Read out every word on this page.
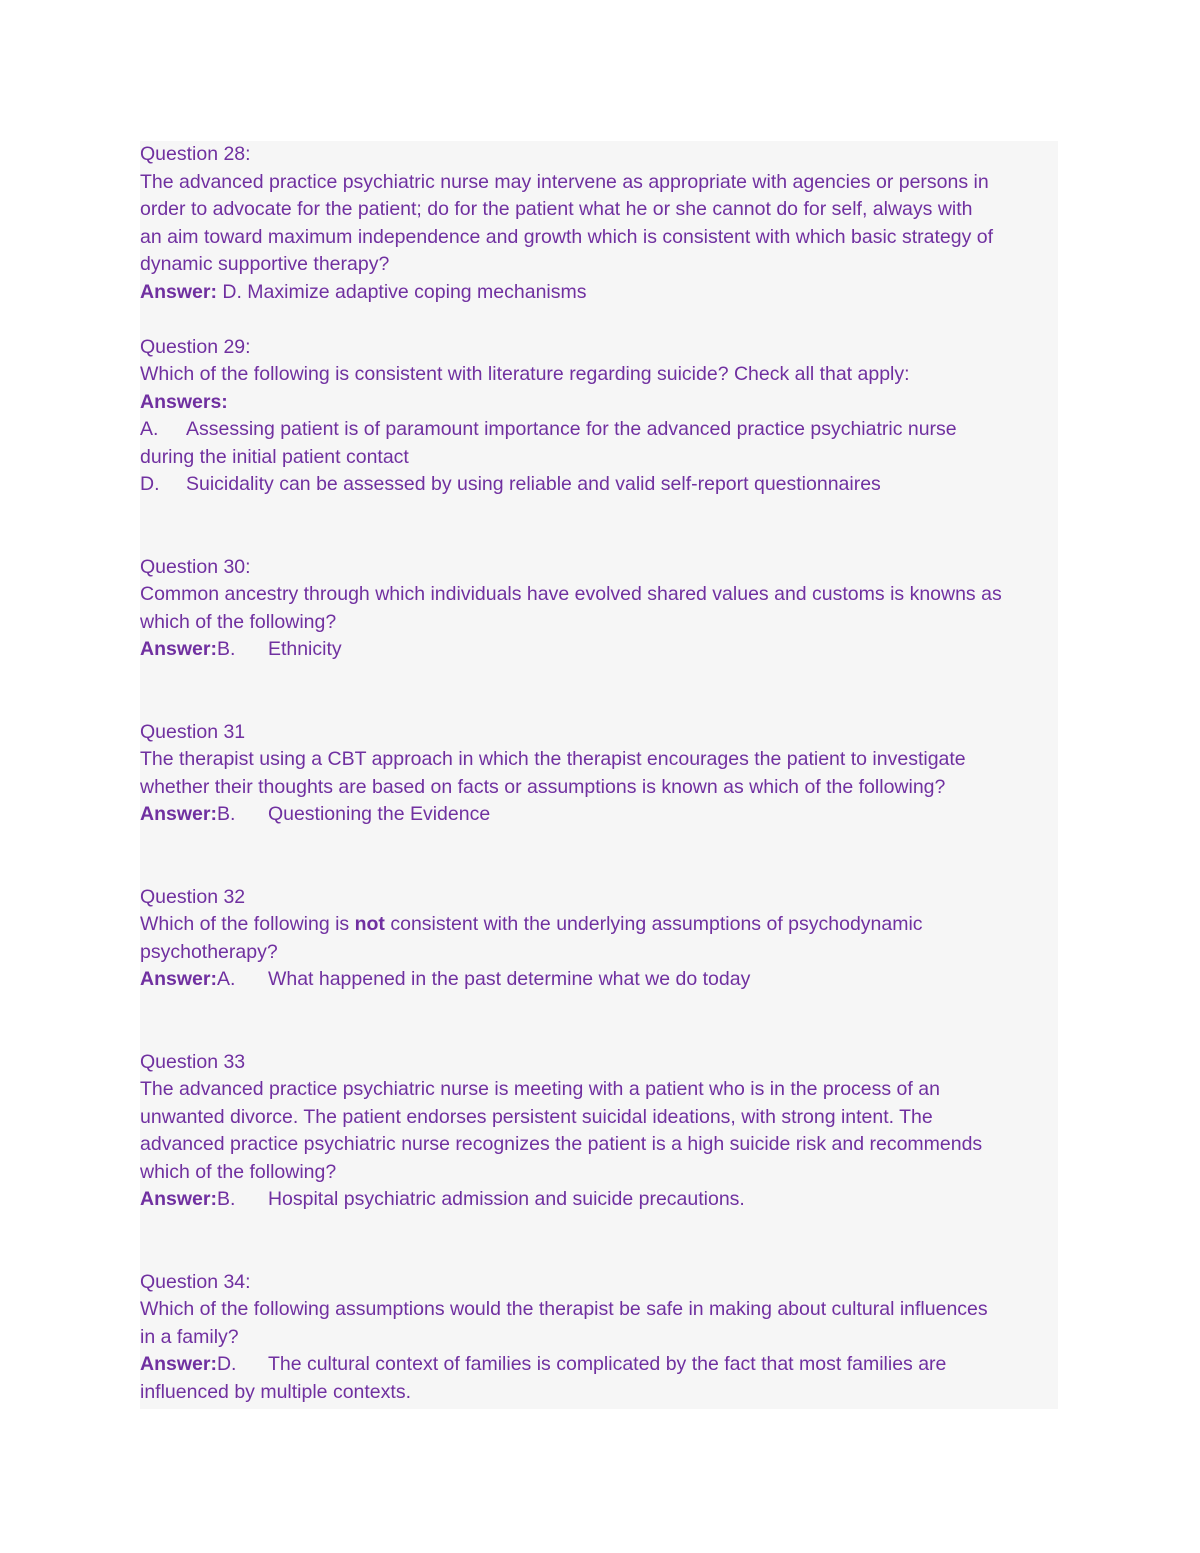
Question 28:
The advanced practice psychiatric nurse may intervene as appropriate with agencies or persons in
order to advocate for the patient; do for the patient what he or she cannot do for self, always with
an aim toward maximum independence and growth which is consistent with which basic strategy of
dynamic supportive therapy?
Answer: D. Maximize adaptive coping mechanisms
Question 29:
Which of the following is consistent with literature regarding suicide? Check all that apply:
Answers:
A. Assessing patient is of paramount importance for the advanced practice psychiatric nurse
during the initial patient contact
D. Suicidality can be assessed by using reliable and valid self-report questionnaires
Question 30:
Common ancestry through which individuals have evolved shared values and customs is knowns as
which of the following?
Answer:B. Ethnicity
Question 31
The therapist using a CBT approach in which the therapist encourages the patient to investigate
whether their thoughts are based on facts or assumptions is known as which of the following?
Answer:B. Questioning the Evidence
Question 32
Which of the following is not consistent with the underlying assumptions of psychodynamic
psychotherapy?
Answer:A. What happened in the past determine what we do today
Question 33
The advanced practice psychiatric nurse is meeting with a patient who is in the process of an
unwanted divorce. The patient endorses persistent suicidal ideations, with strong intent. The
advanced practice psychiatric nurse recognizes the patient is a high suicide risk and recommends
which of the following?
Answer:B. Hospital psychiatric admission and suicide precautions.
Question 34:
Which of the following assumptions would the therapist be safe in making about cultural influences
in a family?
Answer:D. The cultural context of families is complicated by the fact that most families are
influenced by multiple contexts.
